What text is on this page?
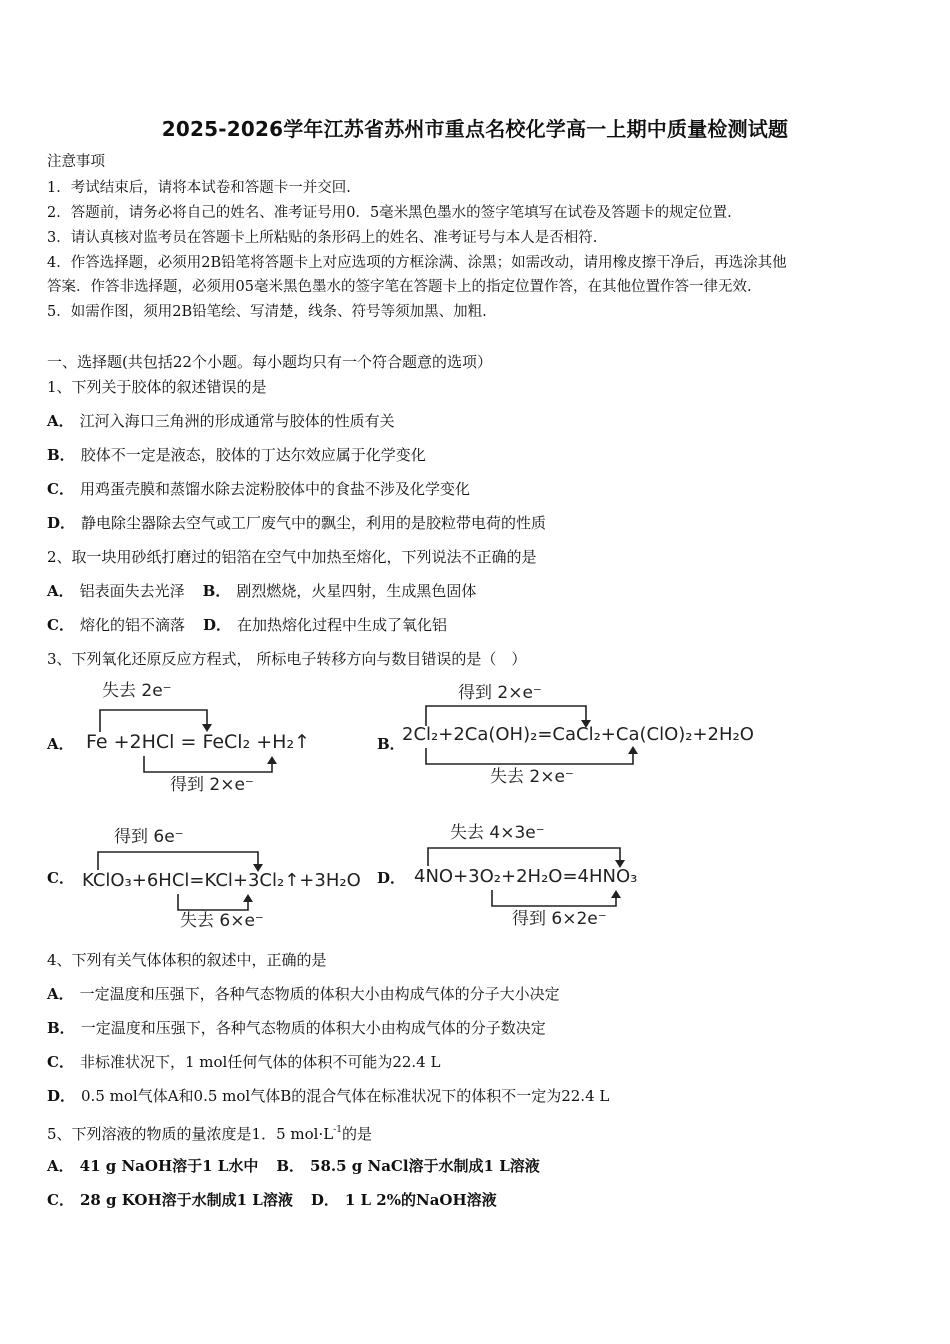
2025-2026学年江苏省苏州市重点名校化学高一上期中质量检测试题
注意事项
1．考试结束后，请将本试卷和答题卡一并交回.
2．答题前，请务必将自己的姓名、准考证号用0．5毫米黑色墨水的签字笔填写在试卷及答题卡的规定位置.
3．请认真核对监考员在答题卡上所粘贴的条形码上的姓名、准考证号与本人是否相符.
4．作答选择题，必须用2B铅笔将答题卡上对应选项的方框涂满、涂黑；如需改动，请用橡皮擦干净后，再选涂其他
答案．作答非选择题，必须用05毫米黑色墨水的签字笔在答题卡上的指定位置作答，在其他位置作答一律无效.
5．如需作图，须用2B铅笔绘、写清楚，线条、符号等须加黑、加粗.
一、选择题(共包括22个小题。每小题均只有一个符合题意的选项）
1、下列关于胶体的叙述错误的是
A． 江河入海口三角洲的形成通常与胶体的性质有关
B． 胶体不一定是液态，胶体的丁达尔效应属于化学变化
C． 用鸡蛋壳膜和蒸馏水除去淀粉胶体中的食盐不涉及化学变化
D． 静电除尘器除去空气或工厂废气中的飘尘，利用的是胶粒带电荷的性质
2、取一块用砂纸打磨过的铝箔在空气中加热至熔化，下列说法不正确的是
A． 铝表面失去光泽 B． 剧烈燃烧，火星四射，生成黑色固体
C． 熔化的铝不滴落 D． 在加热熔化过程中生成了氧化铝
3、下列氧化还原反应方程式， 所标电子转移方向与数目错误的是（　）
A．
失去 2e⁻
Fe +2HCl = FeCl₂ +H₂↑
得到 2×e⁻
B．
得到 2×e⁻
2Cl₂+2Ca(OH)₂=CaCl₂+Ca(ClO)₂+2H₂O
失去 2×e⁻
C．
得到 6e⁻
KClO₃+6HCl=KCl+3Cl₂↑+3H₂O
失去 6×e⁻
D．
失去 4×3e⁻
4NO+3O₂+2H₂O=4HNO₃
得到 6×2e⁻
4、下列有关气体体积的叙述中，正确的是
A． 一定温度和压强下，各种气态物质的体积大小由构成气体的分子大小决定
B． 一定温度和压强下，各种气态物质的体积大小由构成气体的分子数决定
C． 非标准状况下，1 mol任何气体的体积不可能为22.4 L
D． 0.5 mol气体A和0.5 mol气体B的混合气体在标准状况下的体积不一定为22.4 L
5、下列溶液的物质的量浓度是1．5 $mol\cdot L^{-1}$的是
A． 41 g NaOH溶于1 L水中 B． 58.5 g NaCl溶于水制成1 L溶液
C． 28 g KOH溶于水制成1 L溶液 D． 1 L 2%的NaOH溶液
